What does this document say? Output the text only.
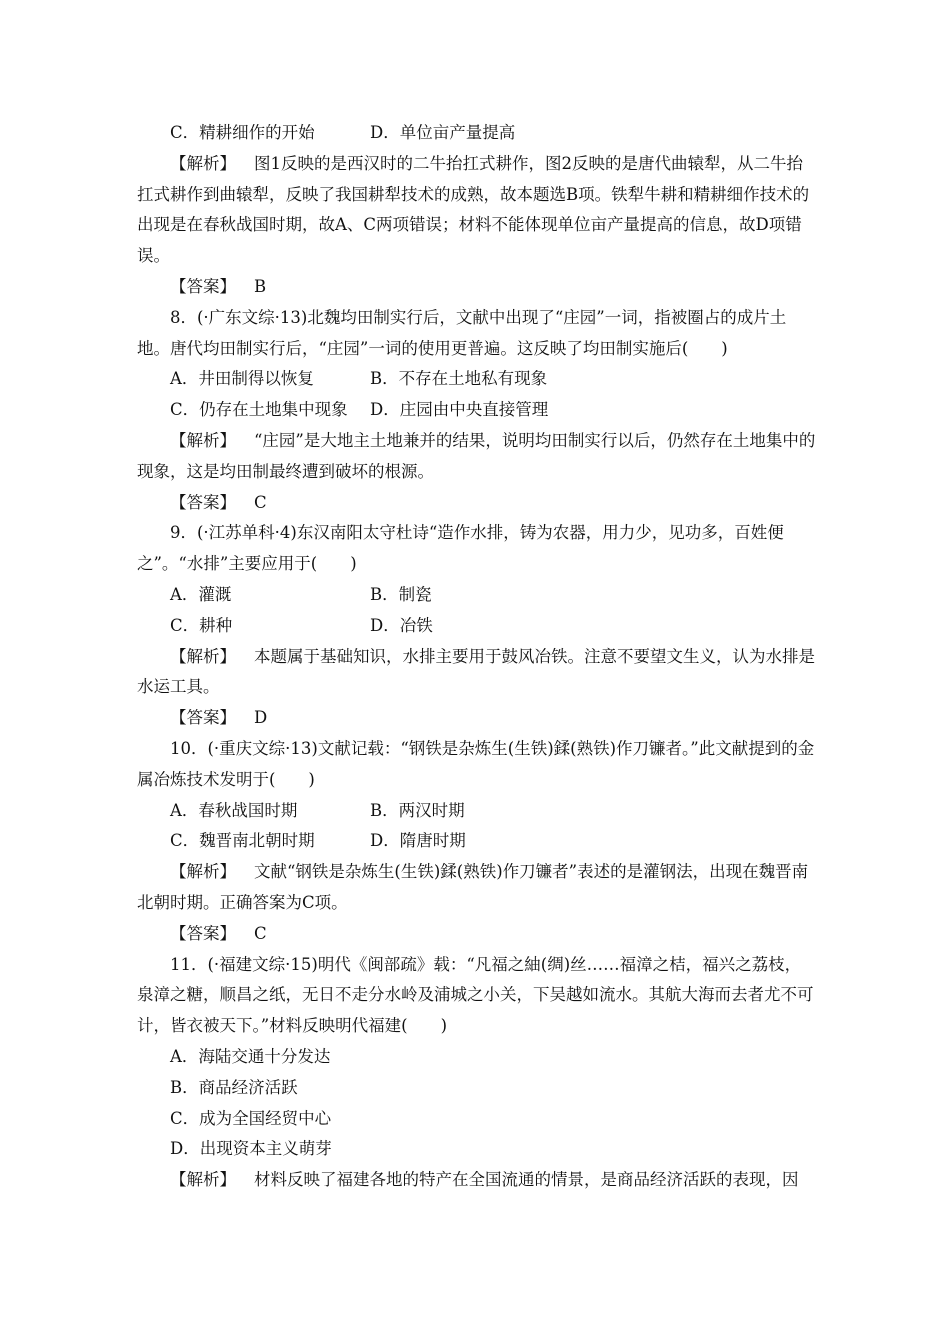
C．精耕细作的开始	D．单位亩产量提高

【解析】 图1反映的是西汉时的二牛抬扛式耕作，图2反映的是唐代曲辕犁，从二牛抬扛式耕作到曲辕犁，反映了我国耕犁技术的成熟，故本题选B项。铁犁牛耕和精耕细作技术的出现是在春秋战国时期，故A、C两项错误；材料不能体现单位亩产量提高的信息，故D项错误。

【答案】 B

8．(·广东文综·13)北魏均田制实行后，文献中出现了“庄园”一词，指被圈占的成片土地。唐代均田制实行后，“庄园”一词的使用更普遍。这反映了均田制实施后(　　)

A．井田制得以恢复	B．不存在土地私有现象
C．仍存在土地集中现象 D．庄园由中央直接管理

【解析】 “庄园”是大地主土地兼并的结果，说明均田制实行以后，仍然存在土地集中的现象，这是均田制最终遭到破坏的根源。

【答案】 C

9．(·江苏单科·4)东汉南阳太守杜诗“造作水排，铸为农器，用力少，见功多，百姓便之”。“水排”主要应用于(　　)

A．灌溉	B．制瓷
C．耕种	D．冶铁

【解析】 本题属于基础知识，水排主要用于鼓风冶铁。注意不要望文生义，认为水排是水运工具。

【答案】 D

10．(·重庆文综·13)文献记载：“钢铁是杂炼生(生铁)鍒(熟铁)作刀镰者。”此文献提到的金属冶炼技术发明于(　　)

A．春秋战国时期	B．两汉时期
C．魏晋南北朝时期	D．隋唐时期

【解析】 文献“钢铁是杂炼生(生铁)鍒(熟铁)作刀镰者”表述的是灌钢法，出现在魏晋南北朝时期。正确答案为C项。

【答案】 C

11．(·福建文综·15)明代《闽部疏》载：“凡福之紬(绸)丝……福漳之桔，福兴之荔枝，泉漳之糖，顺昌之纸，无日不走分水岭及浦城之小关，下吴越如流水。其航大海而去者尤不可计，皆衣被天下。”材料反映明代福建(　　)

A．海陆交通十分发达
B．商品经济活跃
C．成为全国经贸中心
D．出现资本主义萌芽

【解析】 材料反映了福建各地的特产在全国流通的情景，是商品经济活跃的表现，因
